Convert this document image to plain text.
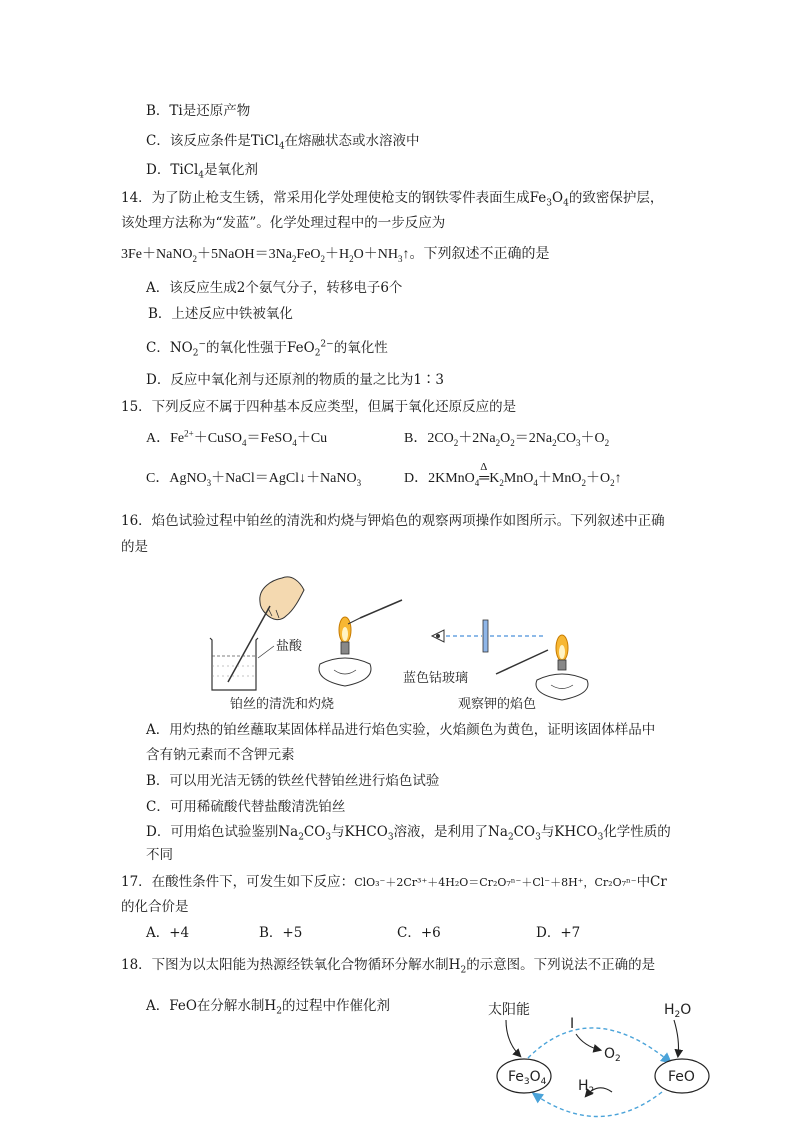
B．Ti是还原产物
C．该反应条件是TiCl$_4$在熔融状态或水溶液中
D．TiCl$_4$是氧化剂
14．为了防止枪支生锈，常采用化学处理使枪支的钢铁零件表面生成$Fe_3O_4$的致密保护层，
该处理方法称为“发蓝”。化学处理过程中的一步反应为
$3Fe+NaNO_2+5NaOH=3Na_2FeO_2+H_2O+NH_3↑$。下列叙述不正确的是
A．该反应生成2个氨气分子，转移电子6个
B．上述反应中铁被氧化
C．$NO_2^-$的氧化性强于FeO$_2^{2-}$的氧化性
D．反应中氧化剂与还原剂的物质的量之比为1∶3
15．下列反应不属于四种基本反应类型，但属于氧化还原反应的是
A．$Fe^{2+}+CuSO_4=FeSO_4+Cu$	B．$2CO_2+2Na_2O_2=2Na_2CO_3+O_2$
C．AgNO$_3$＋NaCl＝AgCl↓＋NaNO$_3$	D．2KMnO$_4$
Δ
$═K_2MnO_4+MnO_2+O_2↑$
16．焰色试验过程中铂丝的清洗和灼烧与钾焰色的观察两项操作如图所示。下列叙述中正确
的是
盐酸
蓝色钴玻璃
铂丝的清洗和灼烧	观察钾的焰色
A．用灼热的铂丝蘸取某固体样品进行焰色实验，火焰颜色为黄色，证明该固体样品中
含有钠元素而不含钾元素
B．可以用光洁无锈的铁丝代替铂丝进行焰色试验
C．可用稀硫酸代替盐酸清洗铂丝
D．可用焰色试验鉴别$Na_2CO_3$与$KHCO_3$溶液，是利用了$Na_2CO_3$与$KHCO_3$化学性质的
不同
17．在酸性条件下，可发生如下反应：ClO₃⁻＋2Cr³⁺＋4H₂O＝Cr₂O₇ⁿ⁻＋Cl⁻＋8H⁺，Cr₂O₇ⁿ⁻中Cr
的化合价是
A．+4	B．+5	C．+6	D．+7
18．下图为以太阳能为热源经铁氧化合物循环分解水制$H_2$的示意图。下列说法不正确的是
A．FeO在分解水制$H_2$的过程中作催化剂	太阳能
I
$H_2O$
$O_2$
$H_2$
$Fe_3O_4$	FeO
